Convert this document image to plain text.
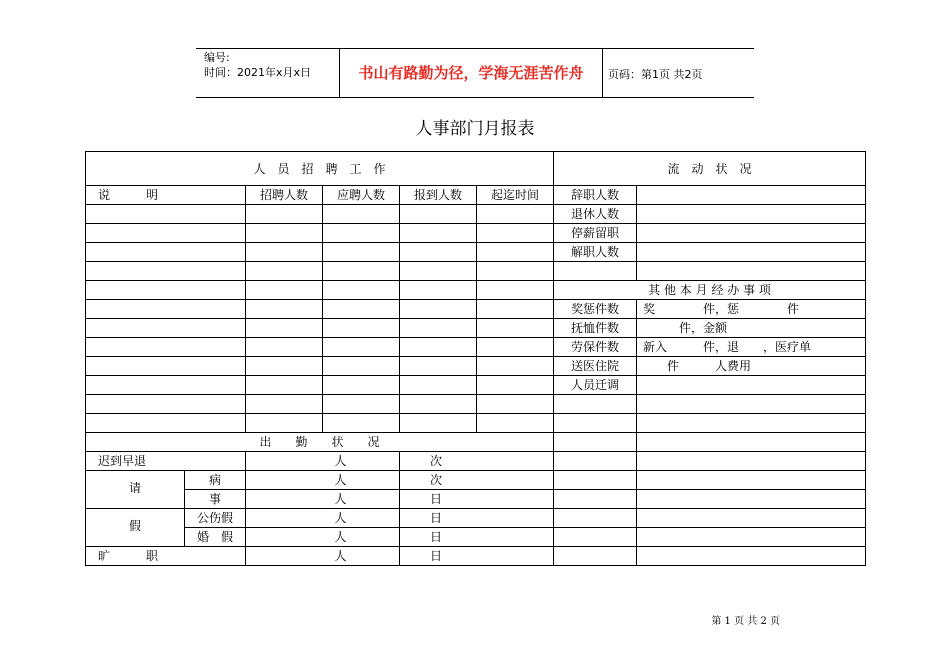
编号:
时间：2021年x月x日	书山有路勤为径，学海无涯苦作舟	页码：第1页 共2页
人事部门月报表
人　员　招　聘　工　作						流　动　状　况	
说　　　明		招聘人数	应聘人数	报到人数	起迄时间	辞职人数	
						退休人数	
						停薪留职	
						解职人数	

						其 他 本 月 经 办 事 项	
						奖惩件数	奖　　　　件，惩　　　　件
						抚恤件数	　　　件，金额
						劳保件数	新入　　　件，退　　，医疗单
						送医住院	　　件　　　人费用
						人员迁调	

出　　勤　　状　　况							
迟到早退		人		次			
请	病	人		次			
	事	人		日			
假	公伤假	人		日			
	婚　假	人		日			
旷　　　职		人		日			
第 1 页 共 2 页
